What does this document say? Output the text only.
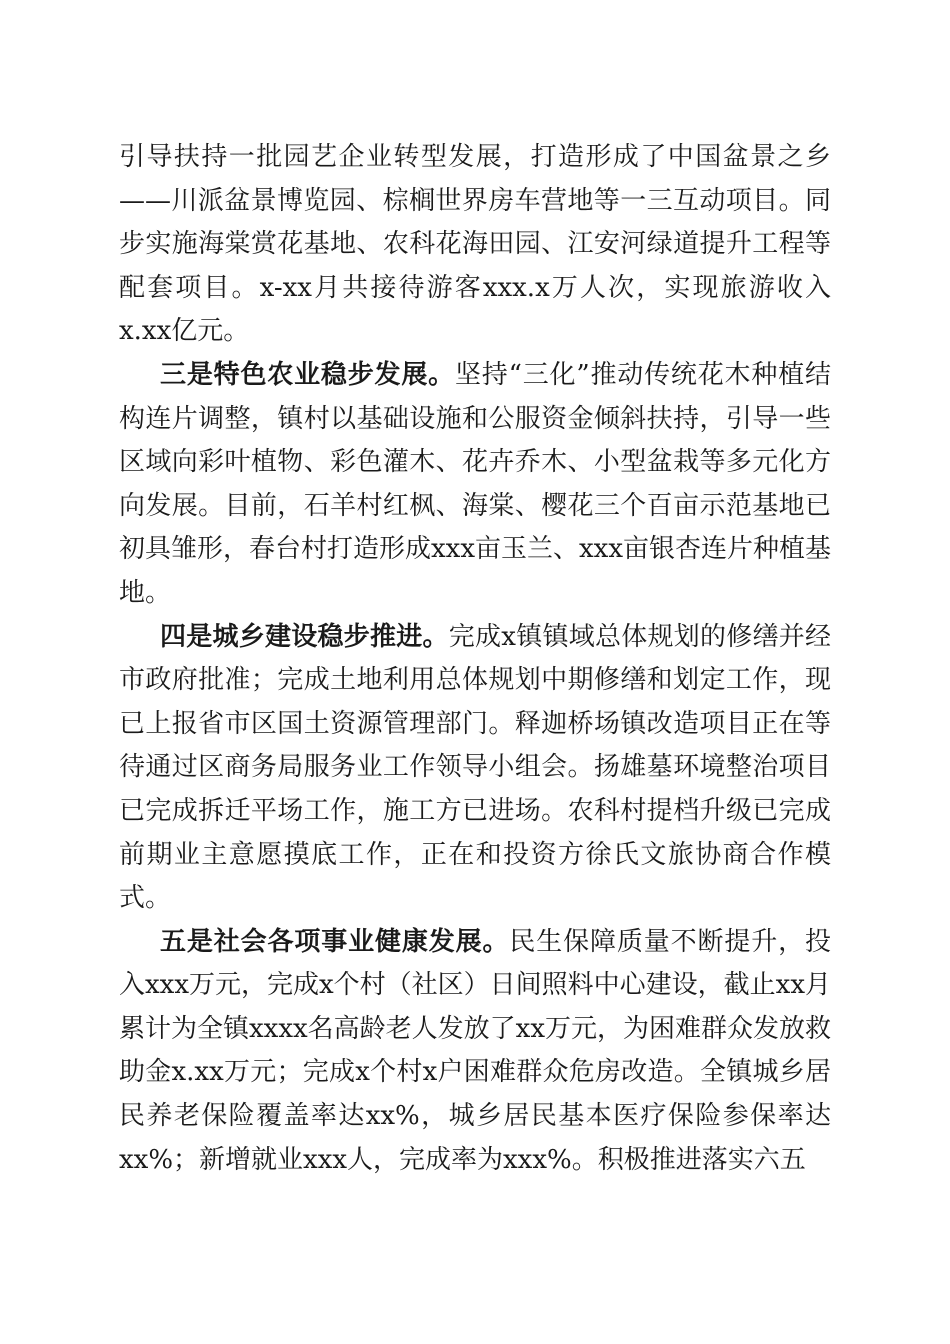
引导扶持一批园艺企业转型发展，打造形成了中国盆景之乡——川派盆景博览园、棕榈世界房车营地等一三互动项目。同步实施海棠赏花基地、农科花海田园、江安河绿道提升工程等配套项目。x-xx月共接待游客xxx.x万人次，实现旅游收入x.xx亿元。

三是特色农业稳步发展。坚持“三化”推动传统花木种植结构连片调整，镇村以基础设施和公服资金倾斜扶持，引导一些区域向彩叶植物、彩色灌木、花卉乔木、小型盆栽等多元化方向发展。目前，石羊村红枫、海棠、樱花三个百亩示范基地已初具雏形，春台村打造形成xxx亩玉兰、xxx亩银杏连片种植基地。

四是城乡建设稳步推进。完成x镇镇域总体规划的修缮并经市政府批准；完成土地利用总体规划中期修缮和划定工作，现已上报省市区国土资源管理部门。释迦桥场镇改造项目正在等待通过区商务局服务业工作领导小组会。扬雄墓环境整治项目已完成拆迁平场工作，施工方已进场。农科村提档升级已完成前期业主意愿摸底工作，正在和投资方徐氏文旅协商合作模式。

五是社会各项事业健康发展。民生保障质量不断提升，投入xxx万元，完成x个村（社区）日间照料中心建设，截止xx月累计为全镇xxxx名高龄老人发放了xx万元，为困难群众发放救助金x.xx万元；完成x个村x户困难群众危房改造。全镇城乡居民养老保险覆盖率达xx%，城乡居民基本医疗保险参保率达xx%；新增就业xxx人，完成率为xxx%。积极推进落实六五
